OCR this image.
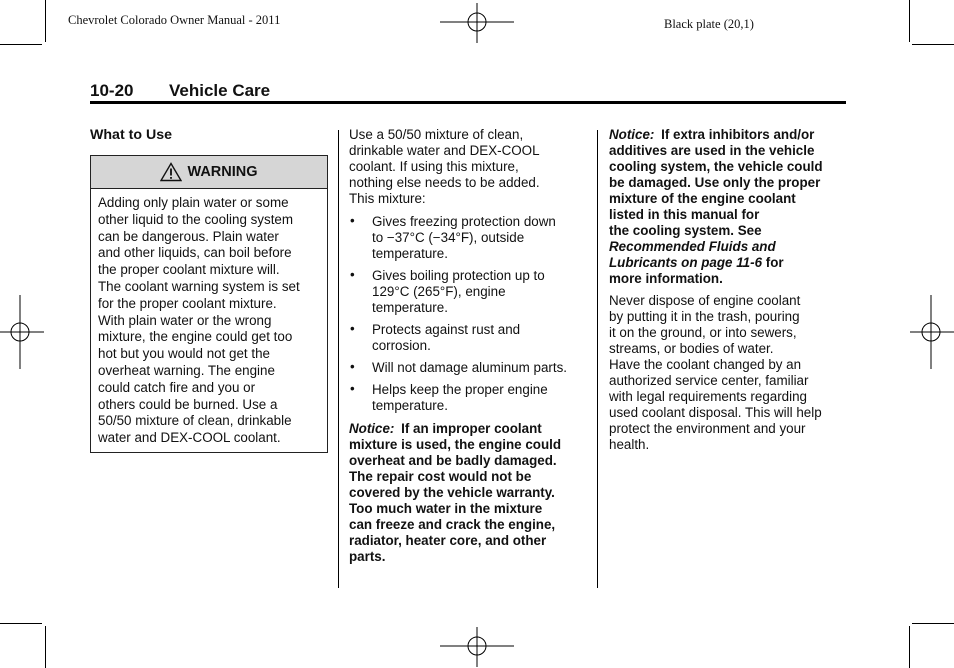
Chevrolet Colorado Owner Manual - 2011	Black plate (20,1)
10-20 Vehicle Care
What to Use
WARNING
Adding only plain water or some
other liquid to the cooling system
can be dangerous. Plain water
and other liquids, can boil before
the proper coolant mixture will.
The coolant warning system is set
for the proper coolant mixture.
With plain water or the wrong
mixture, the engine could get too
hot but you would not get the
overheat warning. The engine
could catch fire and you or
others could be burned. Use a
50/50 mixture of clean, drinkable
water and DEX-COOL coolant.
Use a 50/50 mixture of clean,
drinkable water and DEX-COOL
coolant. If using this mixture,
nothing else needs to be added.
This mixture:
• Gives freezing protection down
to −37°C (−34°F), outside
temperature.
• Gives boiling protection up to
129°C (265°F), engine
temperature.
• Protects against rust and
corrosion.
• Will not damage aluminum parts.
• Helps keep the proper engine
temperature.
Notice:  If an improper coolant
mixture is used, the engine could
overheat and be badly damaged.
The repair cost would not be
covered by the vehicle warranty.
Too much water in the mixture
can freeze and crack the engine,
radiator, heater core, and other
parts.
Notice:  If extra inhibitors and/or
additives are used in the vehicle
cooling system, the vehicle could
be damaged. Use only the proper
mixture of the engine coolant
listed in this manual for
the cooling system. See
Recommended Fluids and
Lubricants on page 11-6 for
more information.
Never dispose of engine coolant
by putting it in the trash, pouring
it on the ground, or into sewers,
streams, or bodies of water.
Have the coolant changed by an
authorized service center, familiar
with legal requirements regarding
used coolant disposal. This will help
protect the environment and your
health.
